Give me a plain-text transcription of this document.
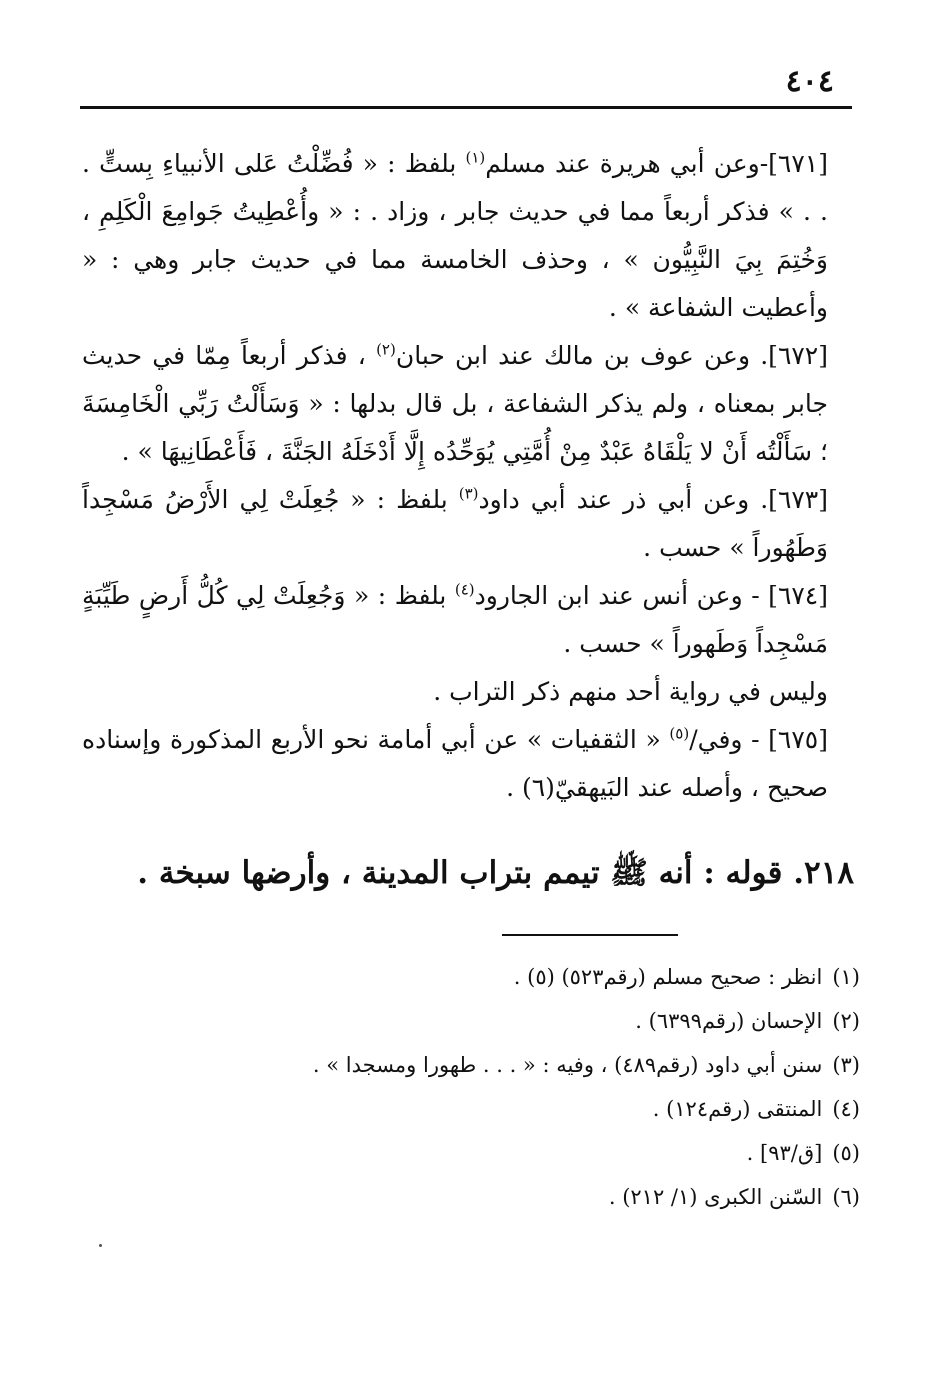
٤٠٤

[٦٧١]-وعن أبي هريرة عند مسلم$^{(١)}$ بلفظ : « فُضِّلْتُ عَلى الأنبياءِ بِستٍّ . . . » فذكر أربعاً مما في حديث جابر ، وزاد . : « وأُعْطِيتُ جَوامِعَ الْكَلِمِ ، وَخُتِمَ بِيَ النَّبِيُّون » ، وحذف الخامسة مما في حديث جابر وهي : « وأعطيت الشفاعة » .

[٦٧٢]. وعن عوف بن مالك عند ابن حبان$^{(٢)}$ ، فذكر أربعاً مِمّا في حديث جابر بمعناه ، ولم يذكر الشفاعة ، بل قال بدلها : « وَسَأَلْتُ رَبِّي الْخَامِسَةَ ؛ سَأَلْتُه أَنْ لا يَلْقَاهُ عَبْدٌ مِنْ أُمَّتِي يُوَحِّدُه إِلَّا أَدْخَلَهُ الجَنَّةَ ، فَأَعْطَانِيهَا » .

[٦٧٣]. وعن أبي ذر عند أبي داود$^{(٣)}$ بلفظ : « جُعِلَتْ لِي الأَرْضُ مَسْجِداً وَطَهُوراً » حسب .

[٦٧٤] - وعن أنس عند ابن الجارود$^{(٤)}$ بلفظ : « وَجُعِلَتْ لِي كُلُّ أَرضٍ طَيِّبَةٍ مَسْجِداً وَطَهوراً » حسب .

وليس في رواية أحد منهم ذكر التراب .

[٦٧٥] - وفي/$^{(٥)}$ « الثقفيات » عن أبي أمامة نحو الأربع المذكورة وإسناده صحيح ، وأصله عند البَيهقيّ(٦) .

٢١٨. قوله : أنه ﷺ تيمم بتراب المدينة ، وأرضها سبخة .
(١)انظر : صحيح مسلم (رقم٥٢٣) (٥) .
(٢)الإحسان (رقم٦٣٩٩) .
(٣)سنن أبي داود (رقم٤٨٩) ، وفيه : « . . . طهورا ومسجدا » .
(٤)المنتقى (رقم١٢٤) .
(٥)[ق/٩٣] .
(٦)السّنن الكبرى (١/ ٢١٢) .
